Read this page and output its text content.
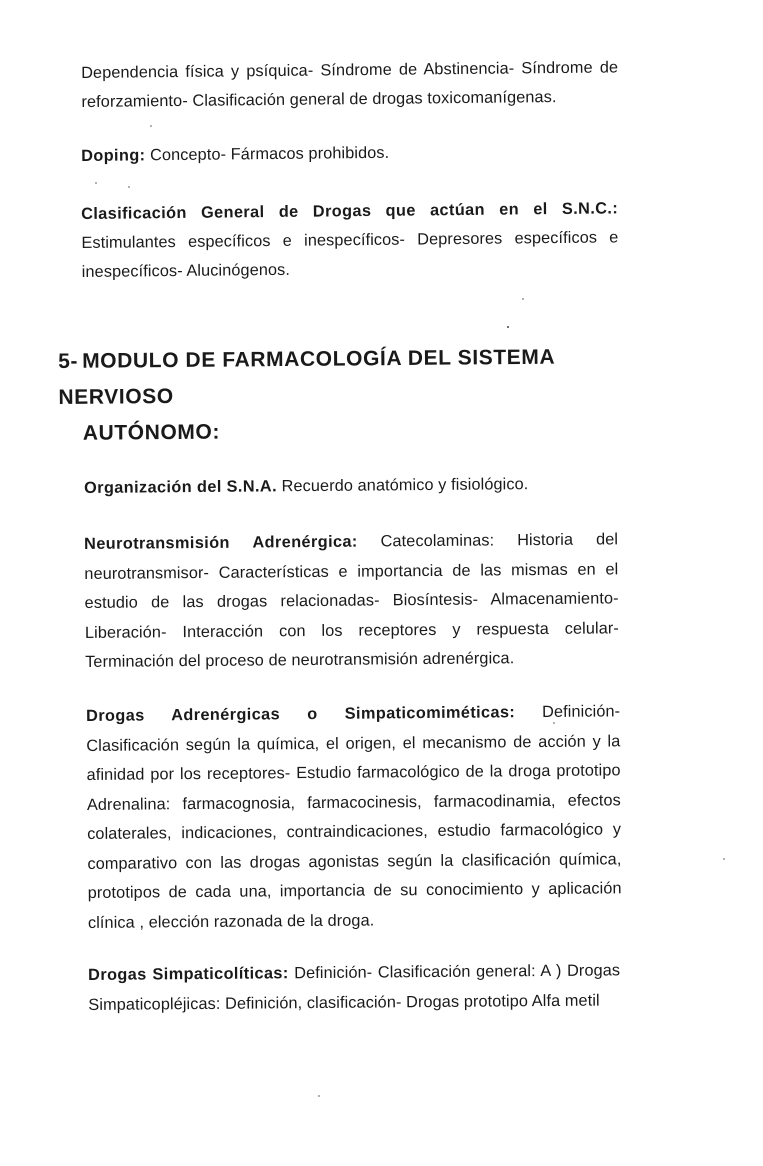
Dependencia física y psíquica- Síndrome de Abstinencia- Síndrome de reforzamiento- Clasificación general de drogas toxicomanígenas.

Doping: Concepto- Fármacos prohibidos.

Clasificación General de Drogas que actúan en el S.N.C.: Estimulantes específicos e inespecíficos- Depresores específicos e inespecíficos- Alucinógenos.

5- MODULO DE FARMACOLOGÍA DEL SISTEMA NERVIOSO
AUTÓNOMO:

Organización del S.N.A. Recuerdo anatómico y fisiológico.

Neurotransmisión Adrenérgica: Catecolaminas: Historia del neurotransmisor- Características e importancia de las mismas en el estudio de las drogas relacionadas- Biosíntesis- Almacenamiento- Liberación- Interacción con los receptores y respuesta celular- Terminación del proceso de neurotransmisión adrenérgica.

Drogas Adrenérgicas o Simpaticomiméticas: Definición- Clasificación según la química, el origen, el mecanismo de acción y la afinidad por los receptores- Estudio farmacológico de la droga prototipo Adrenalina: farmacognosia, farmacocinesis, farmacodinamia, efectos colaterales, indicaciones, contraindicaciones, estudio farmacológico y comparativo con las drogas agonistas según la clasificación química, prototipos de cada una, importancia de su conocimiento y aplicación clínica , elección razonada de la droga.

Drogas Simpaticolíticas: Definición- Clasificación general: A ) Drogas Simpaticopléjicas: Definición, clasificación- Drogas prototipo Alfa metil
